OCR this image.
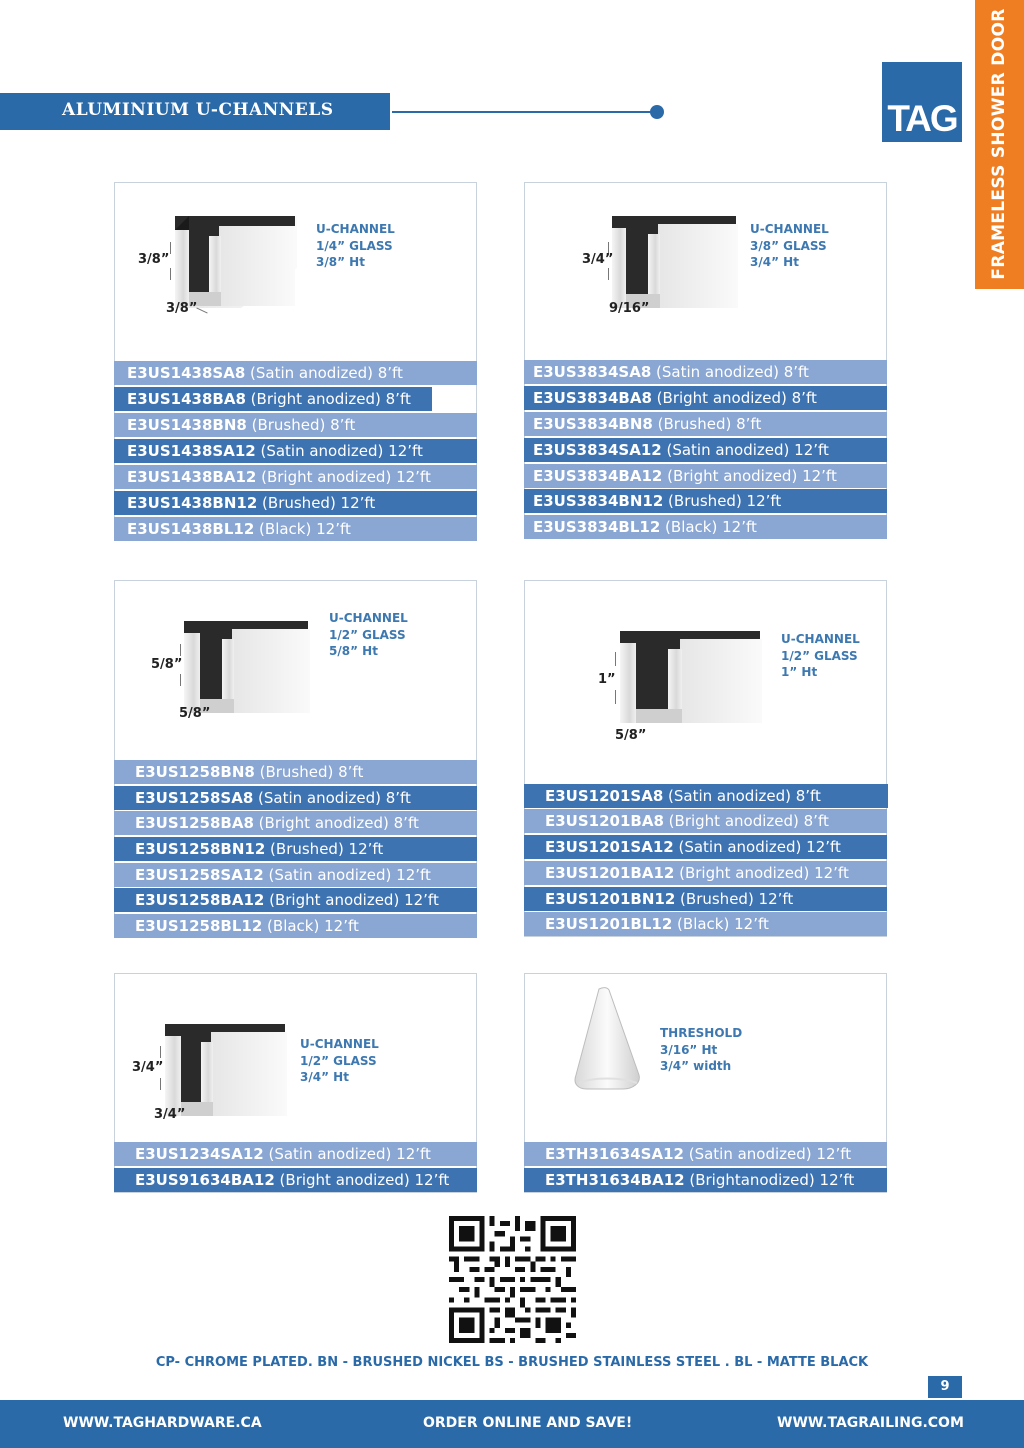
ALUMINIUM U-CHANNELS	FRAMELESS SHOWER DOOR
TAG
3/8”
3/8”
U-CHANNEL
1/4” GLASS
3/8” Ht
E3US1438SA8 (Satin anodized) 8’ft
E3US1438BA8 (Bright anodized) 8’ft
E3US1438BN8 (Brushed) 8’ft
E3US1438SA12 (Satin anodized) 12’ft
E3US1438BA12 (Bright anodized) 12’ft
E3US1438BN12 (Brushed) 12’ft
E3US1438BL12 (Black) 12’ft
3/4”
9/16”
U-CHANNEL
3/8” GLASS
3/4” Ht
E3US3834SA8 (Satin anodized) 8’ft
E3US3834BA8 (Bright anodized) 8’ft
E3US3834BN8 (Brushed) 8’ft
E3US3834SA12 (Satin anodized) 12’ft
E3US3834BA12 (Bright anodized) 12’ft
E3US3834BN12 (Brushed) 12’ft
E3US3834BL12 (Black) 12’ft
5/8”
5/8”
U-CHANNEL
1/2” GLASS
5/8” Ht
E3US1258BN8 (Brushed) 8’ft
E3US1258SA8 (Satin anodized) 8’ft
E3US1258BA8 (Bright anodized) 8’ft
E3US1258BN12 (Brushed) 12’ft
E3US1258SA12 (Satin anodized) 12’ft
E3US1258BA12 (Bright anodized) 12’ft
E3US1258BL12 (Black) 12’ft
1”
5/8”
U-CHANNEL
1/2” GLASS
1” Ht
E3US1201SA8 (Satin anodized) 8’ft
E3US1201BA8 (Bright anodized) 8’ft
E3US1201SA12 (Satin anodized) 12’ft
E3US1201BA12 (Bright anodized) 12’ft
E3US1201BN12 (Brushed) 12’ft
E3US1201BL12 (Black) 12’ft
3/4”
3/4”
U-CHANNEL
1/2” GLASS
3/4” Ht
E3US1234SA12 (Satin anodized) 12’ft
E3US91634BA12 (Bright anodized) 12’ft
THRESHOLD
3/16” Ht
3/4” width
E3TH31634SA12 (Satin anodized) 12’ft
E3TH31634BA12 (Brightanodized) 12’ft
CP- CHROME PLATED. BN - BRUSHED NICKEL BS - BRUSHED STAINLESS STEEL . BL - MATTE BLACK
9
WWW.TAGHARDWARE.CA	ORDER ONLINE AND SAVE!	WWW.TAGRAILING.COM
